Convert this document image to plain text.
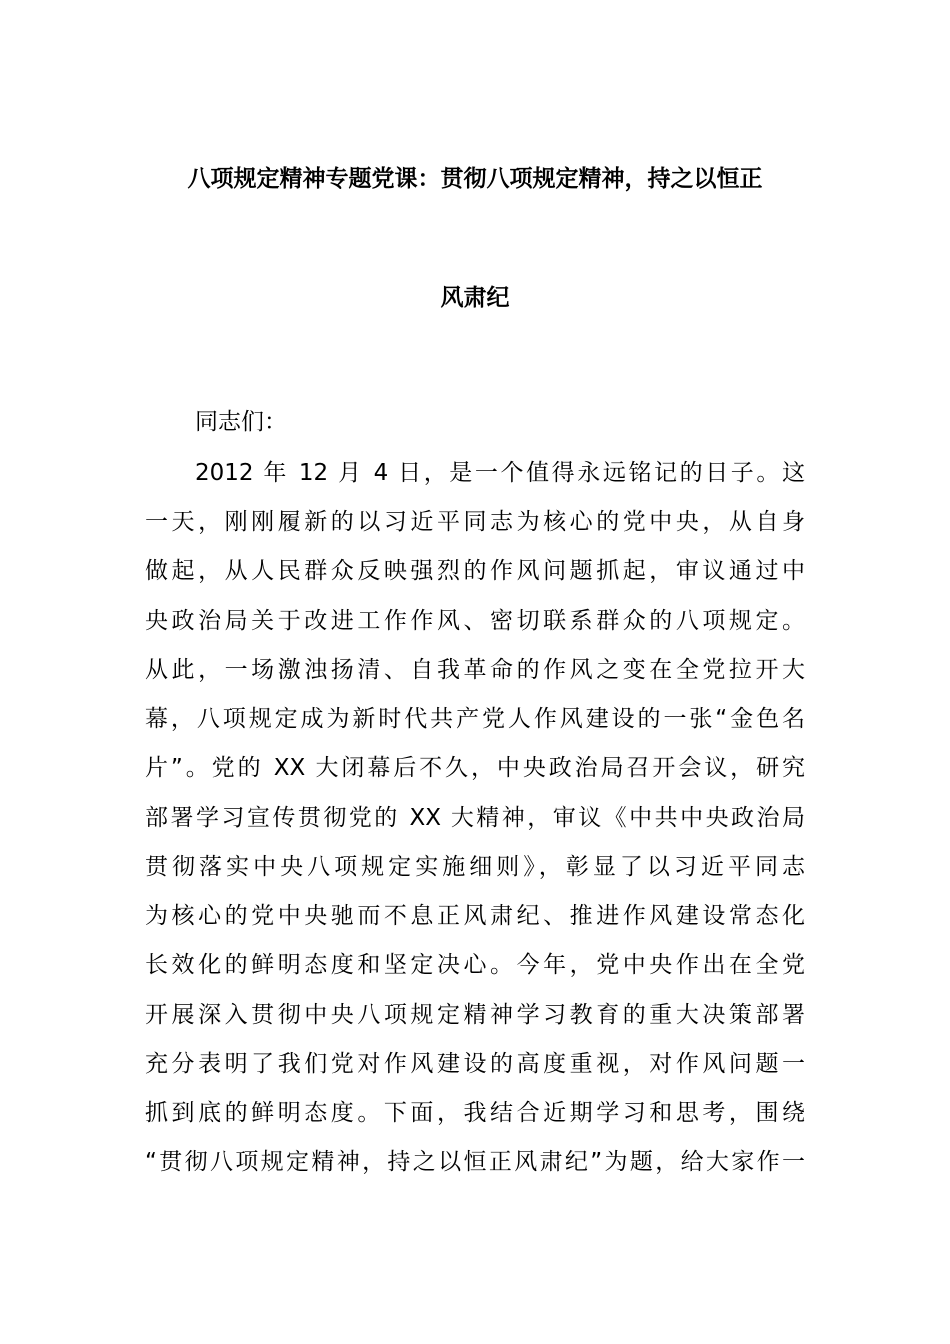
八项规定精神专题党课：贯彻八项规定精神，持之以恒正
风肃纪
同志们：
2012 年 12 月 4 日，是一个值得永远铭记的日子。这
一天，刚刚履新的以习近平同志为核心的党中央，从自身
做起，从人民群众反映强烈的作风问题抓起，审议通过中
央政治局关于改进工作作风、密切联系群众的八项规定。
从此，一场激浊扬清、自我革命的作风之变在全党拉开大
幕，八项规定成为新时代共产党人作风建设的一张“金色名
片”。党的 XX 大闭幕后不久，中央政治局召开会议，研究
部署学习宣传贯彻党的 XX 大精神，审议《中共中央政治局
贯彻落实中央八项规定实施细则》，彰显了以习近平同志
为核心的党中央驰而不息正风肃纪、推进作风建设常态化
长效化的鲜明态度和坚定决心。今年，党中央作出在全党
开展深入贯彻中央八项规定精神学习教育的重大决策部署
充分表明了我们党对作风建设的高度重视，对作风问题一
抓到底的鲜明态度。下面，我结合近期学习和思考，围绕
“贯彻八项规定精神，持之以恒正风肃纪”为题，给大家作一
